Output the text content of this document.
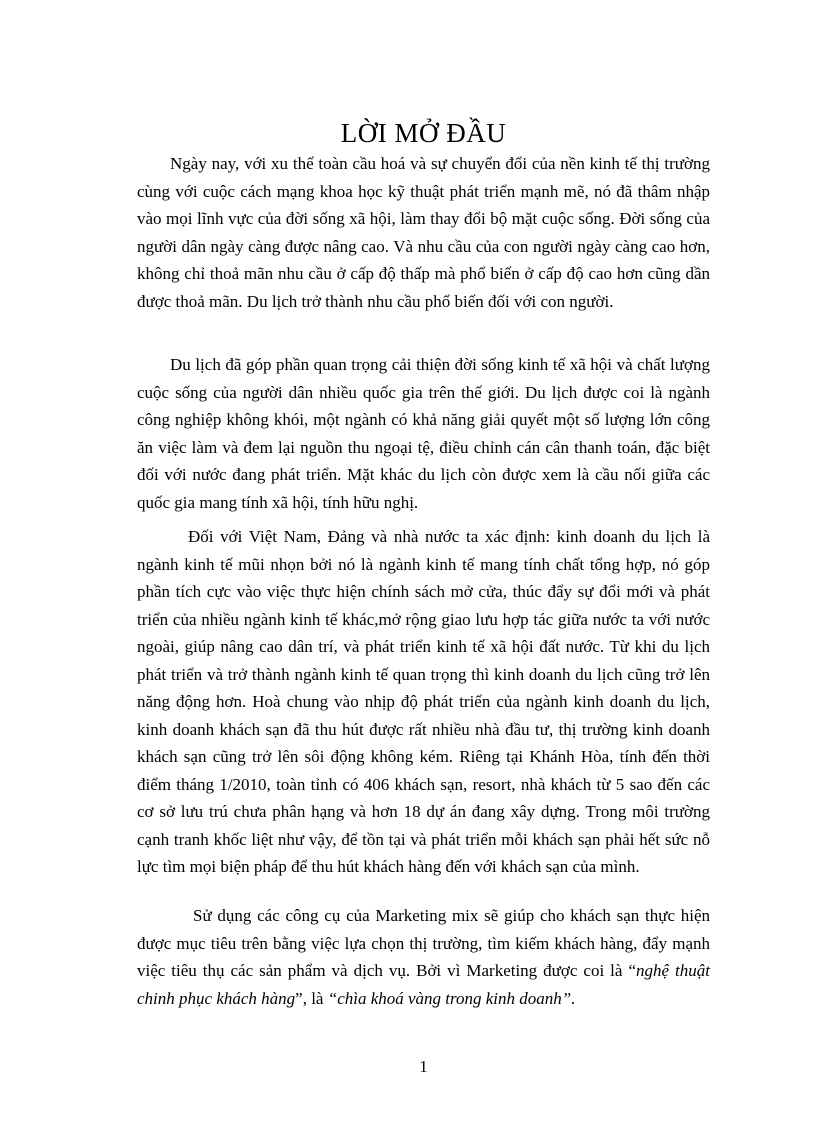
LỜI MỞ ĐẦU

Ngày nay, với xu thế toàn cầu hoá và sự chuyển đổi của nền kinh tế thị trường cùng với cuộc cách mạng khoa học kỹ thuật phát triển mạnh mẽ, nó đã thâm nhập vào mọi lĩnh vực của đời sống xã hội, làm thay đổi bộ mặt cuộc sống. Đời sống của người dân ngày càng được nâng cao. Và nhu cầu của con người ngày càng cao hơn, không chỉ thoả mãn nhu cầu ở cấp độ thấp mà phổ biến ở cấp độ cao hơn cũng dần được thoả mãn. Du lịch trở thành nhu cầu phổ biến đối với con người.

Du lịch đã góp phần quan trọng cải thiện đời sống kinh tế xã hội và chất lượng cuộc sống của người dân nhiều quốc gia trên thế giới. Du lịch được coi là ngành công nghiệp không khói, một ngành có khả năng giải quyết một số lượng lớn công ăn việc làm và đem lại nguồn thu ngoại tệ, điều chỉnh cán cân thanh toán, đặc biệt đối với nước đang phát triển. Mặt khác du lịch còn được xem là cầu nối giữa các quốc gia mang tính xã hội, tính hữu nghị.

Đối với Việt Nam, Đảng và nhà nước ta xác định: kinh doanh du lịch là ngành kinh tế mũi nhọn bởi nó là ngành kinh tế mang tính chất tổng hợp, nó góp phần tích cực vào việc thực hiện chính sách mở cửa, thúc đẩy sự đổi mới và phát triển của nhiều ngành kinh tế khác,mở rộng giao lưu hợp tác giữa nước ta với nước ngoài, giúp nâng cao dân trí, và phát triển kinh tế xã hội đất nước. Từ khi du lịch phát triển và trở thành ngành kinh tế quan trọng thì kinh doanh du lịch cũng trở lên năng động hơn. Hoà chung vào nhịp độ phát triển của ngành kinh doanh du lịch, kinh doanh khách sạn đã thu hút được rất nhiều nhà đầu tư, thị trường kinh doanh khách sạn cũng trở lên sôi động không kém. Riêng tại Khánh Hòa, tính đến thời điểm tháng 1/2010, toàn tỉnh có 406 khách sạn, resort, nhà khách từ 5 sao đến các cơ sở lưu trú chưa phân hạng và hơn 18 dự án đang xây dựng. Trong môi trường cạnh tranh khốc liệt như vậy, để tồn tại và phát triển mỗi khách sạn phải hết sức nỗ lực tìm mọi biện pháp để thu hút khách hàng đến với khách sạn của mình.

Sử dụng các công cụ của Marketing mix sẽ giúp cho khách sạn thực hiện được mục tiêu trên bằng việc lựa chọn thị trường, tìm kiếm khách hàng, đẩy mạnh việc tiêu thụ các sản phẩm và dịch vụ. Bởi vì Marketing được coi là “nghệ thuật chinh phục khách hàng”, là “chìa khoá vàng trong kinh doanh”.

1
